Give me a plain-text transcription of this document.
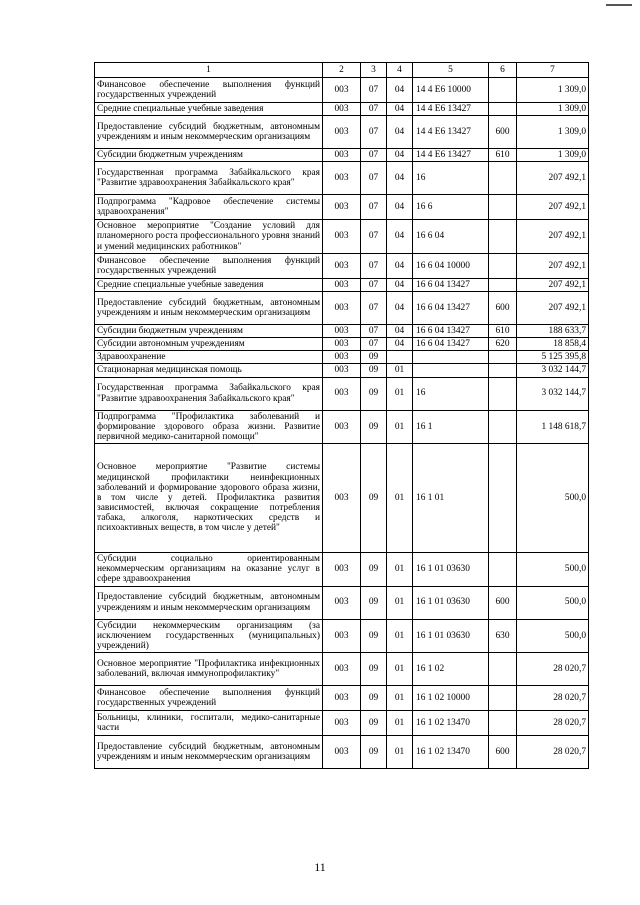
1	2	3	4	5	6	7
Финансовое обеспечение выполнения функций государственных учреждений	003	07	04	14 4 Е6 10000		1 309,0
Средние специальные учебные заведения	003	07	04	14 4 Е6 13427		1 309,0
Предоставление субсидий бюджетным, автономным учреждениям и иным некоммерческим организациям	003	07	04	14 4 Е6 13427	600	1 309,0
Субсидии бюджетным учреждениям	003	07	04	14 4 Е6 13427	610	1 309,0
Государственная программа Забайкальского края "Развитие здравоохранения Забайкальского края"	003	07	04	16		207 492,1
Подпрограмма "Кадровое обеспечение системы здравоохранения"	003	07	04	16 6		207 492,1
Основное мероприятие "Создание условий для планомерного роста профессионального уровня знаний и умений медицинских работников"	003	07	04	16 6 04		207 492,1
Финансовое обеспечение выполнения функций государственных учреждений	003	07	04	16 6 04 10000		207 492,1
Средние специальные учебные заведения	003	07	04	16 6 04 13427		207 492,1
Предоставление субсидий бюджетным, автономным учреждениям и иным некоммерческим организациям	003	07	04	16 6 04 13427	600	207 492,1
Субсидии бюджетным учреждениям	003	07	04	16 6 04 13427	610	188 633,7
Субсидии автономным учреждениям	003	07	04	16 6 04 13427	620	18 858,4
Здравоохранение	003	09				5 125 395,8
Стационарная медицинская помощь	003	09	01			3 032 144,7
Государственная программа Забайкальского края "Развитие здравоохранения Забайкальского края"	003	09	01	16		3 032 144,7
Подпрограмма "Профилактика заболеваний и формирование здорового образа жизни. Развитие первичной медико-санитарной помощи"	003	09	01	16 1		1 148 618,7
Основное мероприятие "Развитие системы медицинской профилактики неинфекционных заболеваний и формирование здорового образа жизни, в том числе у детей. Профилактика развития зависимостей, включая сокращение потребления табака, алкоголя, наркотических средств и психоактивных веществ, в том числе у детей"	003	09	01	16 1 01		500,0
Субсидии социально ориентированным некоммерческим организациям на оказание услуг в сфере здравоохранения	003	09	01	16 1 01 03630		500,0
Предоставление субсидий бюджетным, автономным учреждениям и иным некоммерческим организациям	003	09	01	16 1 01 03630	600	500,0
Субсидии некоммерческим организациям (за исключением государственных (муниципальных) учреждений)	003	09	01	16 1 01 03630	630	500,0
Основное мероприятие "Профилактика инфекционных заболеваний, включая иммунопрофилактику"	003	09	01	16 1 02		28 020,7
Финансовое обеспечение выполнения функций государственных учреждений	003	09	01	16 1 02 10000		28 020,7
Больницы, клиники, госпитали, медико-санитарные части	003	09	01	16 1 02 13470		28 020,7
Предоставление субсидий бюджетным, автономным учреждениям и иным некоммерческим организациям	003	09	01	16 1 02 13470	600	28 020,7
11
